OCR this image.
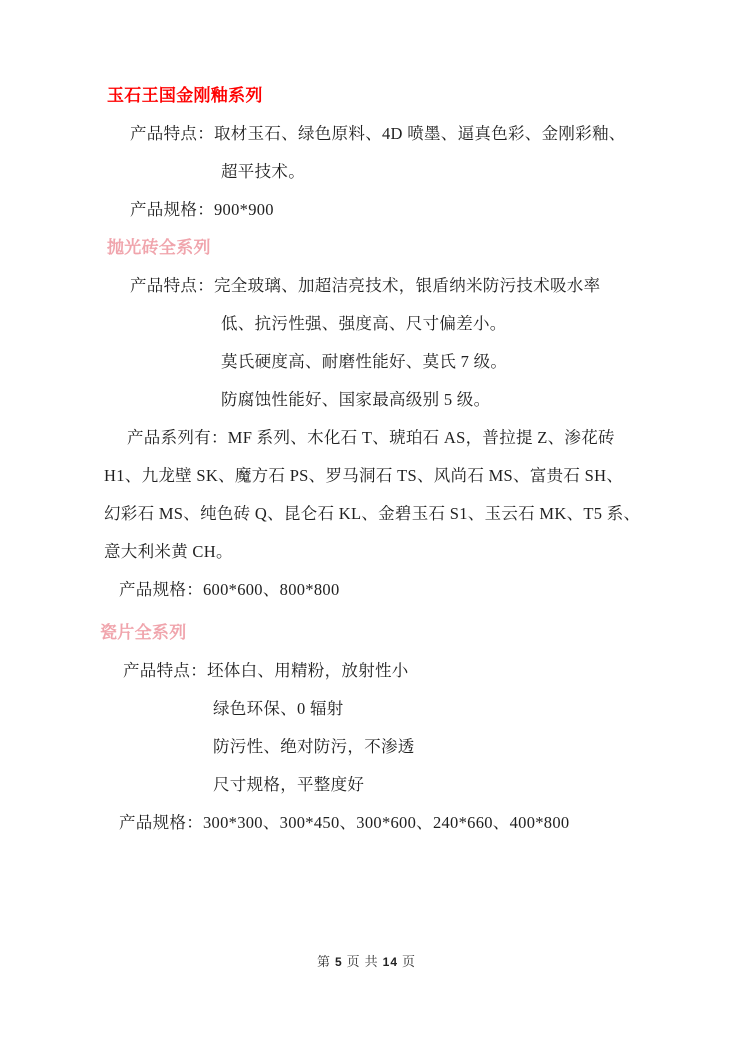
玉石王国金刚釉系列
产品特点：取材玉石、绿色原料、4D 喷墨、逼真色彩、金刚彩釉、
超平技术。
产品规格：900*900
抛光砖全系列
产品特点：完全玻璃、加超洁亮技术，银盾纳米防污技术吸水率
低、抗污性强、强度高、尺寸偏差小。
莫氏硬度高、耐磨性能好、莫氏 7 级。
防腐蚀性能好、国家最高级别 5 级。
产品系列有：MF 系列、木化石 T、琥珀石 AS，普拉提 Z、渗花砖
H1、九龙壁 SK、魔方石 PS、罗马洞石 TS、风尚石 MS、富贵石 SH、
幻彩石 MS、纯色砖 Q、昆仑石 KL、金碧玉石 S1、玉云石 MK、T5 系、
意大利米黄 CH。
产品规格：600*600、800*800
瓷片全系列
产品特点：坯体白、用精粉，放射性小
绿色环保、0 辐射
防污性、绝对防污，不渗透
尺寸规格，平整度好
产品规格：300*300、300*450、300*600、240*660、400*800
第 5 页 共 14 页
